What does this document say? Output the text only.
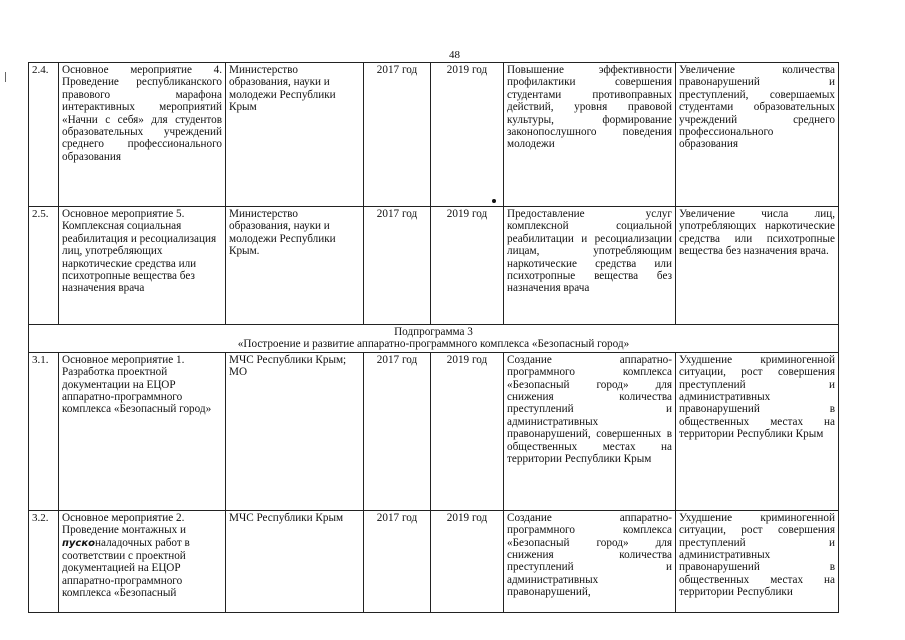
48
2.4.	Основное мероприятие 4. Проведение республиканского правового марафона интерактивных мероприятий «Начни с себя» для студентов образовательных учреждений среднего профессионального образования	Министерство образования, науки и молодежи Республики Крым	2017 год	2019 год	Повышение эффективности профилактики совершения студентами противоправных действий, уровня правовой культуры, формирование законопослушного поведения молодежи	Увеличение количества правонарушений и преступлений, совершаемых студентами образовательных учреждений среднего профессионального образования
2.5.	Основное мероприятие 5. Комплексная социальная реабилитация и ресоциализация лиц, употребляющих наркотические средства или психотропные вещества без назначения врача	Министерство образования, науки и молодежи Республики Крым.	2017 год	2019 год	Предоставление услуг комплексной социальной реабилитации и ресоциализации лицам, употребляющим наркотические средства или психотропные вещества без назначения врача	Увеличение числа лиц, употребляющих наркотические средства или психотропные вещества без назначения врача.

Подпрограмма 3
«Построение и развитие аппаратно-программного комплекса «Безопасный город»						

3.1.	Основное мероприятие 1. Разработка проектной документации на ЕЦОР аппаратно-программного комплекса «Безопасный город»	МЧС Республики Крым; МО	2017 год	2019 год	Создание аппаратно-программного комплекса «Безопасный город» для снижения количества преступлений и административных правонарушений, совершенных в общественных местах на территории Республики Крым	Ухудшение криминогенной ситуации, рост совершения преступлений и административных правонарушений в общественных местах на территории Республики Крым
3.2.	Основное мероприятие 2. Проведение монтажных и пусконаладочных работ в соответствии с проектной документацией на ЕЦОР аппаратно-программного комплекса «Безопасный	МЧС Республики Крым	2017 год	2019 год	Создание аппаратно-программного комплекса «Безопасный город» для снижения количества преступлений и административных правонарушений,	Ухудшение криминогенной ситуации, рост совершения преступлений и административных правонарушений в общественных местах на территории Республики
